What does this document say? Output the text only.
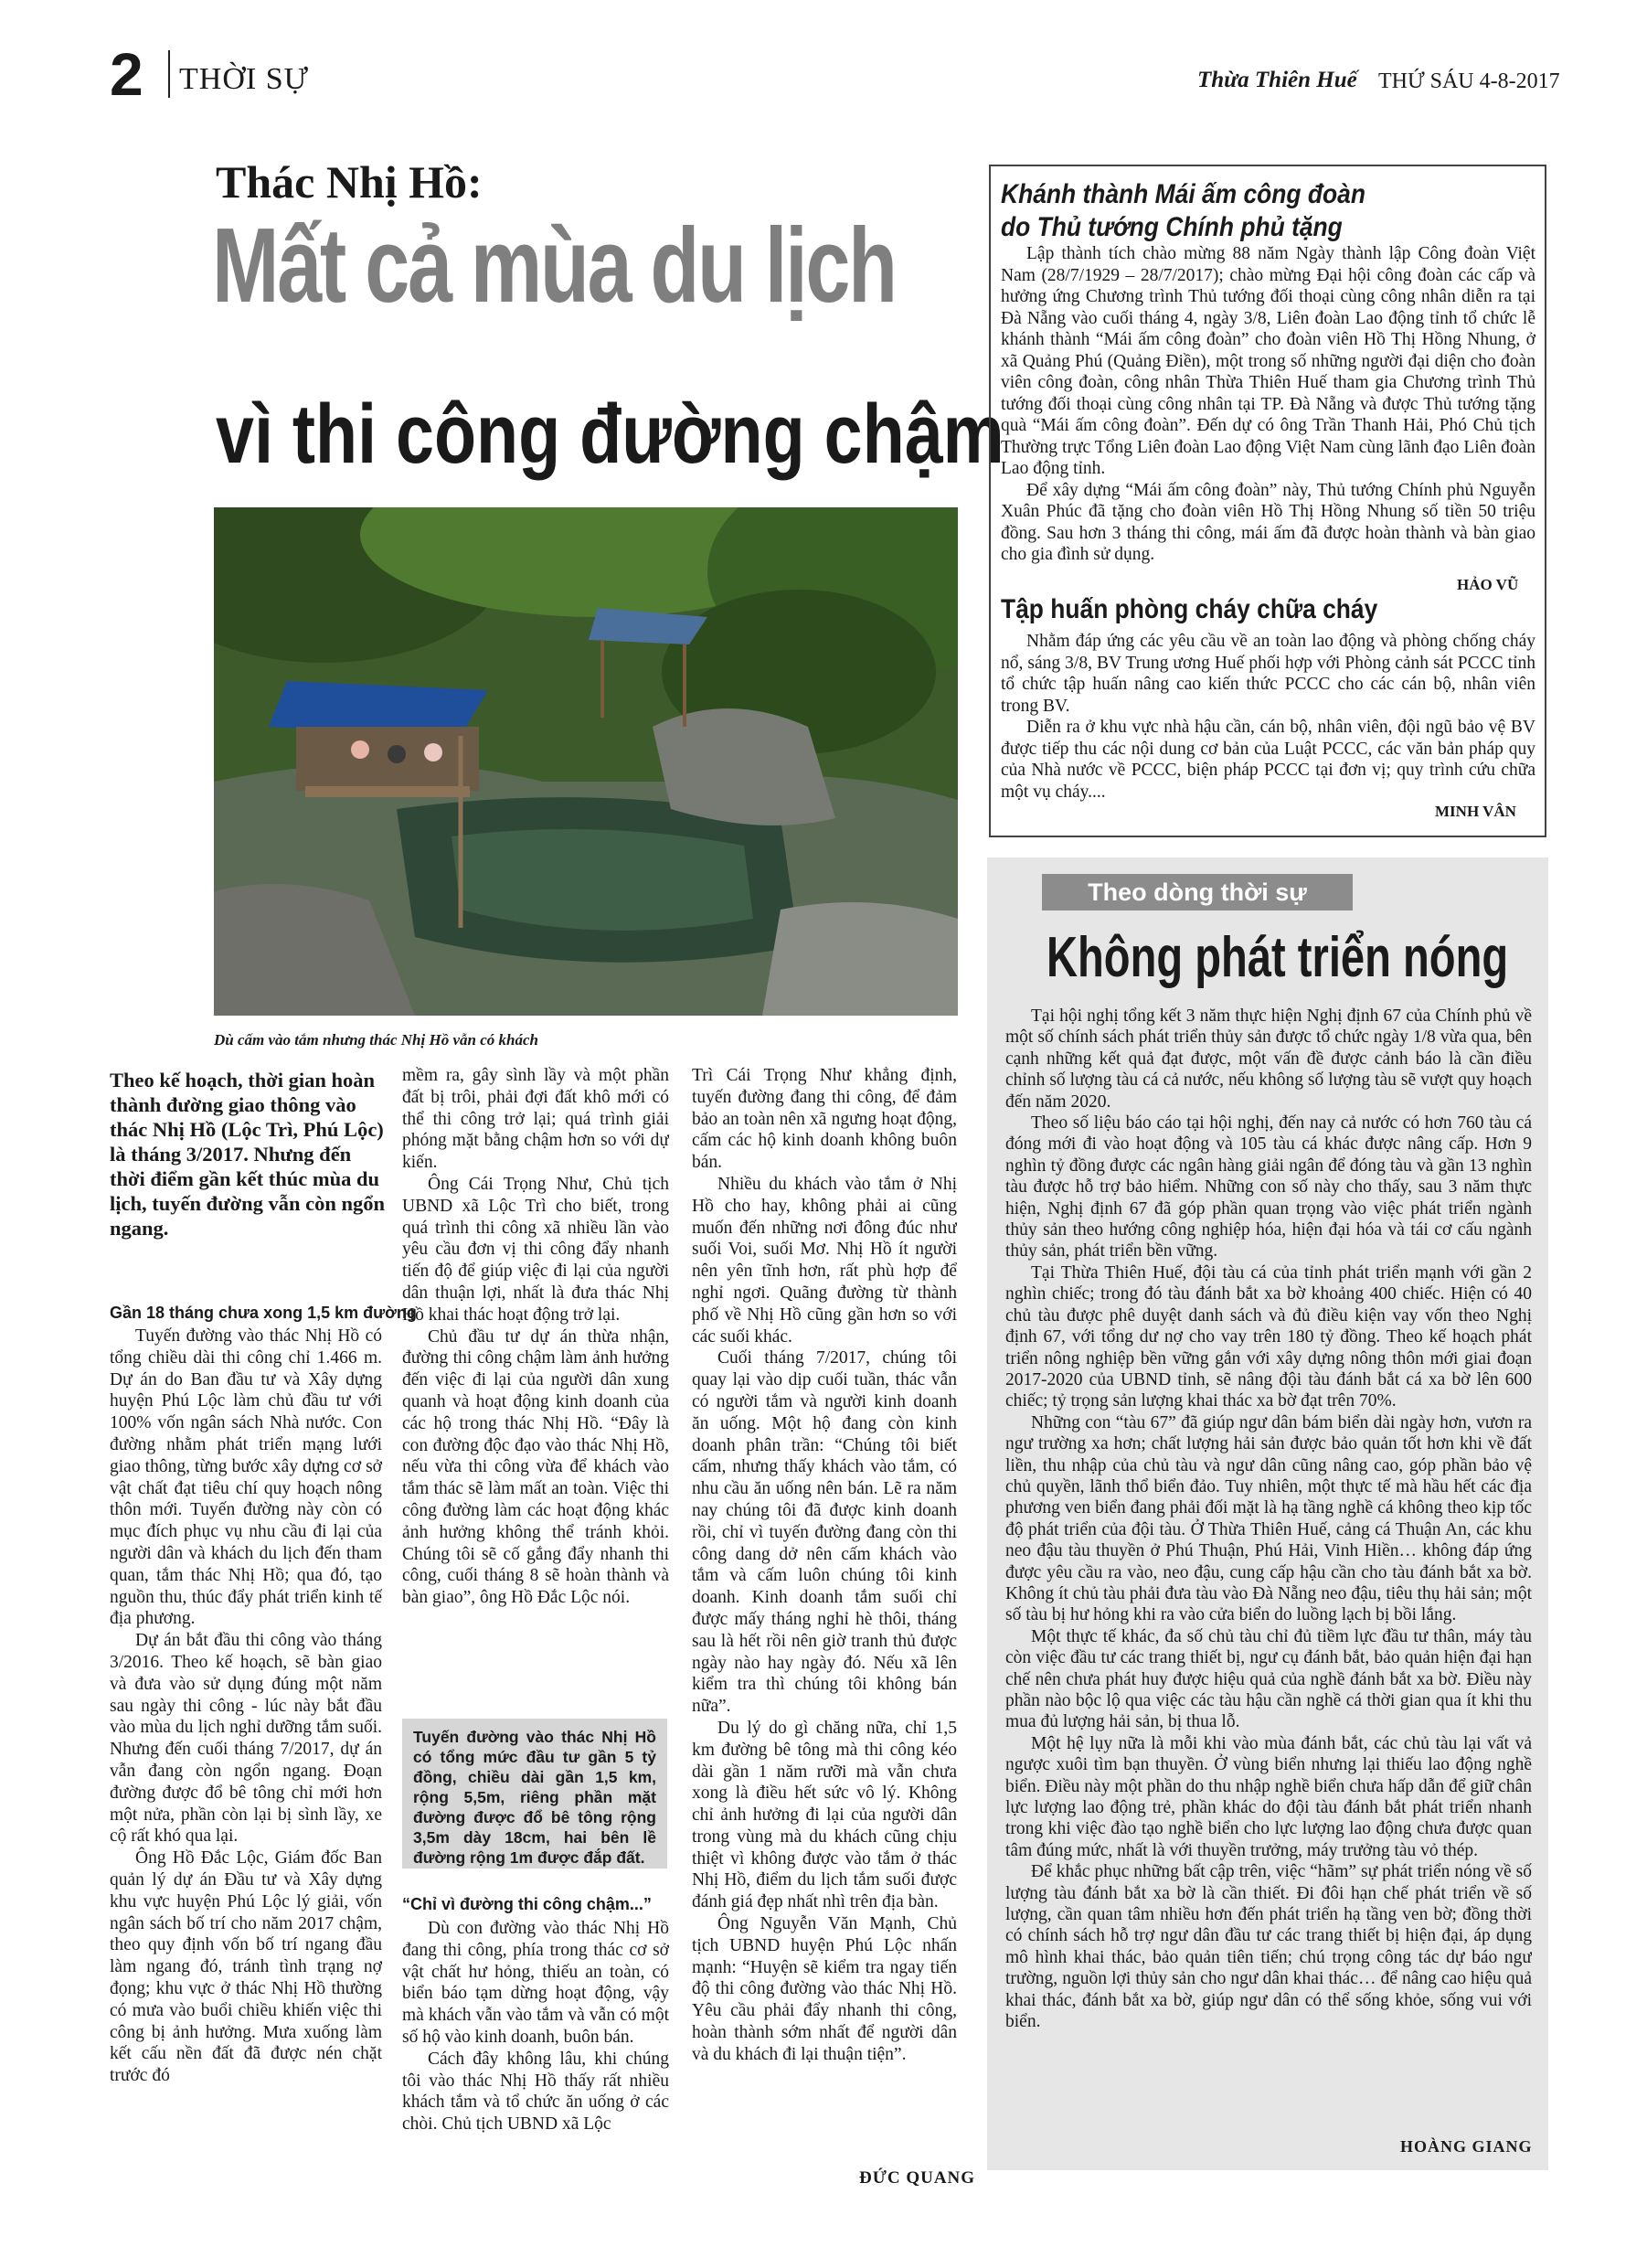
2 THỜI SỰ	Thừa Thiên Huế THỨ SÁU 4-8-2017
Thác Nhị Hồ:
Mất cả mùa du lịch
vì thi công đường chậm
Dù cấm vào tắm nhưng thác Nhị Hồ vẫn có khách
Theo kế hoạch, thời gian hoàn thành đường giao thông vào thác Nhị Hồ (Lộc Trì, Phú Lộc) là tháng 3/2017. Nhưng đến thời điểm gần kết thúc mùa du lịch, tuyến đường vẫn còn ngổn ngang.
Gần 18 tháng chưa xong 1,5 km đường

Tuyến đường vào thác Nhị Hồ có tổng chiều dài thi công chỉ 1.466 m. Dự án do Ban đầu tư và Xây dựng huyện Phú Lộc làm chủ đầu tư với 100% vốn ngân sách Nhà nước. Con đường nhằm phát triển mạng lưới giao thông, từng bước xây dựng cơ sở vật chất đạt tiêu chí quy hoạch nông thôn mới. Tuyến đường này còn có mục đích phục vụ nhu cầu đi lại của người dân và khách du lịch đến tham quan, tắm thác Nhị Hồ; qua đó, tạo nguồn thu, thúc đẩy phát triển kinh tế địa phương.

Dự án bắt đầu thi công vào tháng 3/2016. Theo kế hoạch, sẽ bàn giao và đưa vào sử dụng đúng một năm sau ngày thi công - lúc này bắt đầu vào mùa du lịch nghỉ dưỡng tắm suối. Nhưng đến cuối tháng 7/2017, dự án vẫn đang còn ngổn ngang. Đoạn đường được đổ bê tông chỉ mới hơn một nửa, phần còn lại bị sình lầy, xe cộ rất khó qua lại.

Ông Hồ Đắc Lộc, Giám đốc Ban quản lý dự án Đầu tư và Xây dựng khu vực huyện Phú Lộc lý giải, vốn ngân sách bố trí cho năm 2017 chậm, theo quy định vốn bố trí ngang đầu làm ngang đó, tránh tình trạng nợ đọng; khu vực ở thác Nhị Hồ thường có mưa vào buổi chiều khiến việc thi công bị ảnh hưởng. Mưa xuống làm kết cấu nền đất đã được nén chặt trước đó

mềm ra, gây sình lầy và một phần đất bị trôi, phải đợi đất khô mới có thể thi công trở lại; quá trình giải phóng mặt bằng chậm hơn so với dự kiến.

Ông Cái Trọng Như, Chủ tịch UBND xã Lộc Trì cho biết, trong quá trình thi công xã nhiều lần vào yêu cầu đơn vị thi công đẩy nhanh tiến độ để giúp việc đi lại của người dân thuận lợi, nhất là đưa thác Nhị Hồ khai thác hoạt động trở lại.

Chủ đầu tư dự án thừa nhận, đường thi công chậm làm ảnh hưởng đến việc đi lại của người dân xung quanh và hoạt động kinh doanh của các hộ trong thác Nhị Hồ. “Đây là con đường độc đạo vào thác Nhị Hồ, nếu vừa thi công vừa để khách vào tắm thác sẽ làm mất an toàn. Việc thi công đường làm các hoạt động khác ảnh hưởng không thể tránh khỏi. Chúng tôi sẽ cố gắng đẩy nhanh thi công, cuối tháng 8 sẽ hoàn thành và bàn giao”, ông Hồ Đắc Lộc nói.

Tuyến đường vào thác Nhị Hồ có tổng mức đầu tư gần 5 tỷ đồng, chiều dài gần 1,5 km, rộng 5,5m, riêng phần mặt đường được đổ bê tông rộng 3,5m dày 18cm, hai bên lề đường rộng 1m được đắp đất.
“Chỉ vì đường thi công chậm...”

Dù con đường vào thác Nhị Hồ đang thi công, phía trong thác cơ sở vật chất hư hỏng, thiếu an toàn, có biển báo tạm dừng hoạt động, vậy mà khách vẫn vào tắm và vẫn có một số hộ vào kinh doanh, buôn bán.

Cách đây không lâu, khi chúng tôi vào thác Nhị Hồ thấy rất nhiều khách tắm và tổ chức ăn uống ở các chòi. Chủ tịch UBND xã Lộc

Trì Cái Trọng Như khẳng định, tuyến đường đang thi công, để đảm bảo an toàn nên xã ngưng hoạt động, cấm các hộ kinh doanh không buôn bán.

Nhiều du khách vào tắm ở Nhị Hồ cho hay, không phải ai cũng muốn đến những nơi đông đúc như suối Voi, suối Mơ. Nhị Hồ ít người nên yên tĩnh hơn, rất phù hợp để nghỉ ngơi. Quãng đường từ thành phố về Nhị Hồ cũng gần hơn so với các suối khác.

Cuối tháng 7/2017, chúng tôi quay lại vào dịp cuối tuần, thác vẫn có người tắm và người kinh doanh ăn uống. Một hộ đang còn kinh doanh phân trần: “Chúng tôi biết cấm, nhưng thấy khách vào tắm, có nhu cầu ăn uống nên bán. Lẽ ra năm nay chúng tôi đã được kinh doanh rồi, chỉ vì tuyến đường đang còn thi công dang dở nên cấm khách vào tắm và cấm luôn chúng tôi kinh doanh. Kinh doanh tắm suối chỉ được mấy tháng nghỉ hè thôi, tháng sau là hết rồi nên giờ tranh thủ được ngày nào hay ngày đó. Nếu xã lên kiểm tra thì chúng tôi không bán nữa”.

Du lý do gì chăng nữa, chỉ 1,5 km đường bê tông mà thi công kéo dài gần 1 năm rưỡi mà vẫn chưa xong là điều hết sức vô lý. Không chỉ ảnh hưởng đi lại của người dân trong vùng mà du khách cũng chịu thiệt vì không được vào tắm ở thác Nhị Hồ, điểm du lịch tắm suối được đánh giá đẹp nhất nhì trên địa bàn.

Ông Nguyễn Văn Mạnh, Chủ tịch UBND huyện Phú Lộc nhấn mạnh: “Huyện sẽ kiểm tra ngay tiến độ thi công đường vào thác Nhị Hồ. Yêu cầu phải đẩy nhanh thi công, hoàn thành sớm nhất để người dân và du khách đi lại thuận tiện”.

ĐỨC QUANG
Khánh thành Mái ấm công đoàn
do Thủ tướng Chính phủ tặng

Lập thành tích chào mừng 88 năm Ngày thành lập Công đoàn Việt Nam (28/7/1929 – 28/7/2017); chào mừng Đại hội công đoàn các cấp và hưởng ứng Chương trình Thủ tướng đối thoại cùng công nhân diễn ra tại Đà Nẵng vào cuối tháng 4, ngày 3/8, Liên đoàn Lao động tỉnh tổ chức lễ khánh thành “Mái ấm công đoàn” cho đoàn viên Hồ Thị Hồng Nhung, ở xã Quảng Phú (Quảng Điền), một trong số những người đại diện cho đoàn viên công đoàn, công nhân Thừa Thiên Huế tham gia Chương trình Thủ tướng đối thoại cùng công nhân tại TP. Đà Nẵng và được Thủ tướng tặng quà “Mái ấm công đoàn”. Đến dự có ông Trần Thanh Hải, Phó Chủ tịch Thường trực Tổng Liên đoàn Lao động Việt Nam cùng lãnh đạo Liên đoàn Lao động tỉnh.

Để xây dựng “Mái ấm công đoàn” này, Thủ tướng Chính phủ Nguyễn Xuân Phúc đã tặng cho đoàn viên Hồ Thị Hồng Nhung số tiền 50 triệu đồng. Sau hơn 3 tháng thi công, mái ấm đã được hoàn thành và bàn giao cho gia đình sử dụng.

HẢO VŨ
Tập huấn phòng cháy chữa cháy

Nhằm đáp ứng các yêu cầu về an toàn lao động và phòng chống cháy nổ, sáng 3/8, BV Trung ương Huế phối hợp với Phòng cảnh sát PCCC tỉnh tổ chức tập huấn nâng cao kiến thức PCCC cho các cán bộ, nhân viên trong BV.

Diễn ra ở khu vực nhà hậu cần, cán bộ, nhân viên, đội ngũ bảo vệ BV được tiếp thu các nội dung cơ bản của Luật PCCC, các văn bản pháp quy của Nhà nước về PCCC, biện pháp PCCC tại đơn vị; quy trình cứu chữa một vụ cháy....

MINH VÂN
Theo dòng thời sự
Không phát triển nóng

Tại hội nghị tổng kết 3 năm thực hiện Nghị định 67 của Chính phủ về một số chính sách phát triển thủy sản được tổ chức ngày 1/8 vừa qua, bên cạnh những kết quả đạt được, một vấn đề được cảnh báo là cần điều chỉnh số lượng tàu cá cả nước, nếu không số lượng tàu sẽ vượt quy hoạch đến năm 2020.

Theo số liệu báo cáo tại hội nghị, đến nay cả nước có hơn 760 tàu cá đóng mới đi vào hoạt động và 105 tàu cá khác được nâng cấp. Hơn 9 nghìn tỷ đồng được các ngân hàng giải ngân để đóng tàu và gần 13 nghìn tàu được hỗ trợ bảo hiểm. Những con số này cho thấy, sau 3 năm thực hiện, Nghị định 67 đã góp phần quan trọng vào việc phát triển ngành thủy sản theo hướng công nghiệp hóa, hiện đại hóa và tái cơ cấu ngành thủy sản, phát triển bền vững.

Tại Thừa Thiên Huế, đội tàu cá của tỉnh phát triển mạnh với gần 2 nghìn chiếc; trong đó tàu đánh bắt xa bờ khoảng 400 chiếc. Hiện có 40 chủ tàu được phê duyệt danh sách và đủ điều kiện vay vốn theo Nghị định 67, với tổng dư nợ cho vay trên 180 tỷ đồng. Theo kế hoạch phát triển nông nghiệp bền vững gắn với xây dựng nông thôn mới giai đoạn 2017-2020 của UBND tỉnh, sẽ nâng đội tàu đánh bắt cá xa bờ lên 600 chiếc; tỷ trọng sản lượng khai thác xa bờ đạt trên 70%.

Những con “tàu 67” đã giúp ngư dân bám biển dài ngày hơn, vươn ra ngư trường xa hơn; chất lượng hải sản được bảo quản tốt hơn khi về đất liền, thu nhập của chủ tàu và ngư dân cũng nâng cao, góp phần bảo vệ chủ quyền, lãnh thổ biển đảo. Tuy nhiên, một thực tế mà hầu hết các địa phương ven biển đang phải đối mặt là hạ tầng nghề cá không theo kịp tốc độ phát triển của đội tàu. Ở Thừa Thiên Huế, cảng cá Thuận An, các khu neo đậu tàu thuyền ở Phú Thuận, Phú Hải, Vinh Hiền… không đáp ứng được yêu cầu ra vào, neo đậu, cung cấp hậu cần cho tàu đánh bắt xa bờ. Không ít chủ tàu phải đưa tàu vào Đà Nẵng neo đậu, tiêu thụ hải sản; một số tàu bị hư hỏng khi ra vào cửa biển do luồng lạch bị bồi lắng.

Một thực tế khác, đa số chủ tàu chỉ đủ tiềm lực đầu tư thân, máy tàu còn việc đầu tư các trang thiết bị, ngư cụ đánh bắt, bảo quản hiện đại hạn chế nên chưa phát huy được hiệu quả của nghề đánh bắt xa bờ. Điều này phần nào bộc lộ qua việc các tàu hậu cần nghề cá thời gian qua ít khi thu mua đủ lượng hải sản, bị thua lỗ.

Một hệ lụy nữa là mỗi khi vào mùa đánh bắt, các chủ tàu lại vất vả ngược xuôi tìm bạn thuyền. Ở vùng biển nhưng lại thiếu lao động nghề biển. Điều này một phần do thu nhập nghề biển chưa hấp dẫn để giữ chân lực lượng lao động trẻ, phần khác do đội tàu đánh bắt phát triển nhanh trong khi việc đào tạo nghề biển cho lực lượng lao động chưa được quan tâm đúng mức, nhất là với thuyền trưởng, máy trưởng tàu vỏ thép.

Để khắc phục những bất cập trên, việc “hãm” sự phát triển nóng về số lượng tàu đánh bắt xa bờ là cần thiết. Đi đôi hạn chế phát triển về số lượng, cần quan tâm nhiều hơn đến phát triển hạ tầng ven bờ; đồng thời có chính sách hỗ trợ ngư dân đầu tư các trang thiết bị hiện đại, áp dụng mô hình khai thác, bảo quản tiên tiến; chú trọng công tác dự báo ngư trường, nguồn lợi thủy sản cho ngư dân khai thác… để nâng cao hiệu quả khai thác, đánh bắt xa bờ, giúp ngư dân có thể sống khỏe, sống vui với biển.

HOÀNG GIANG
